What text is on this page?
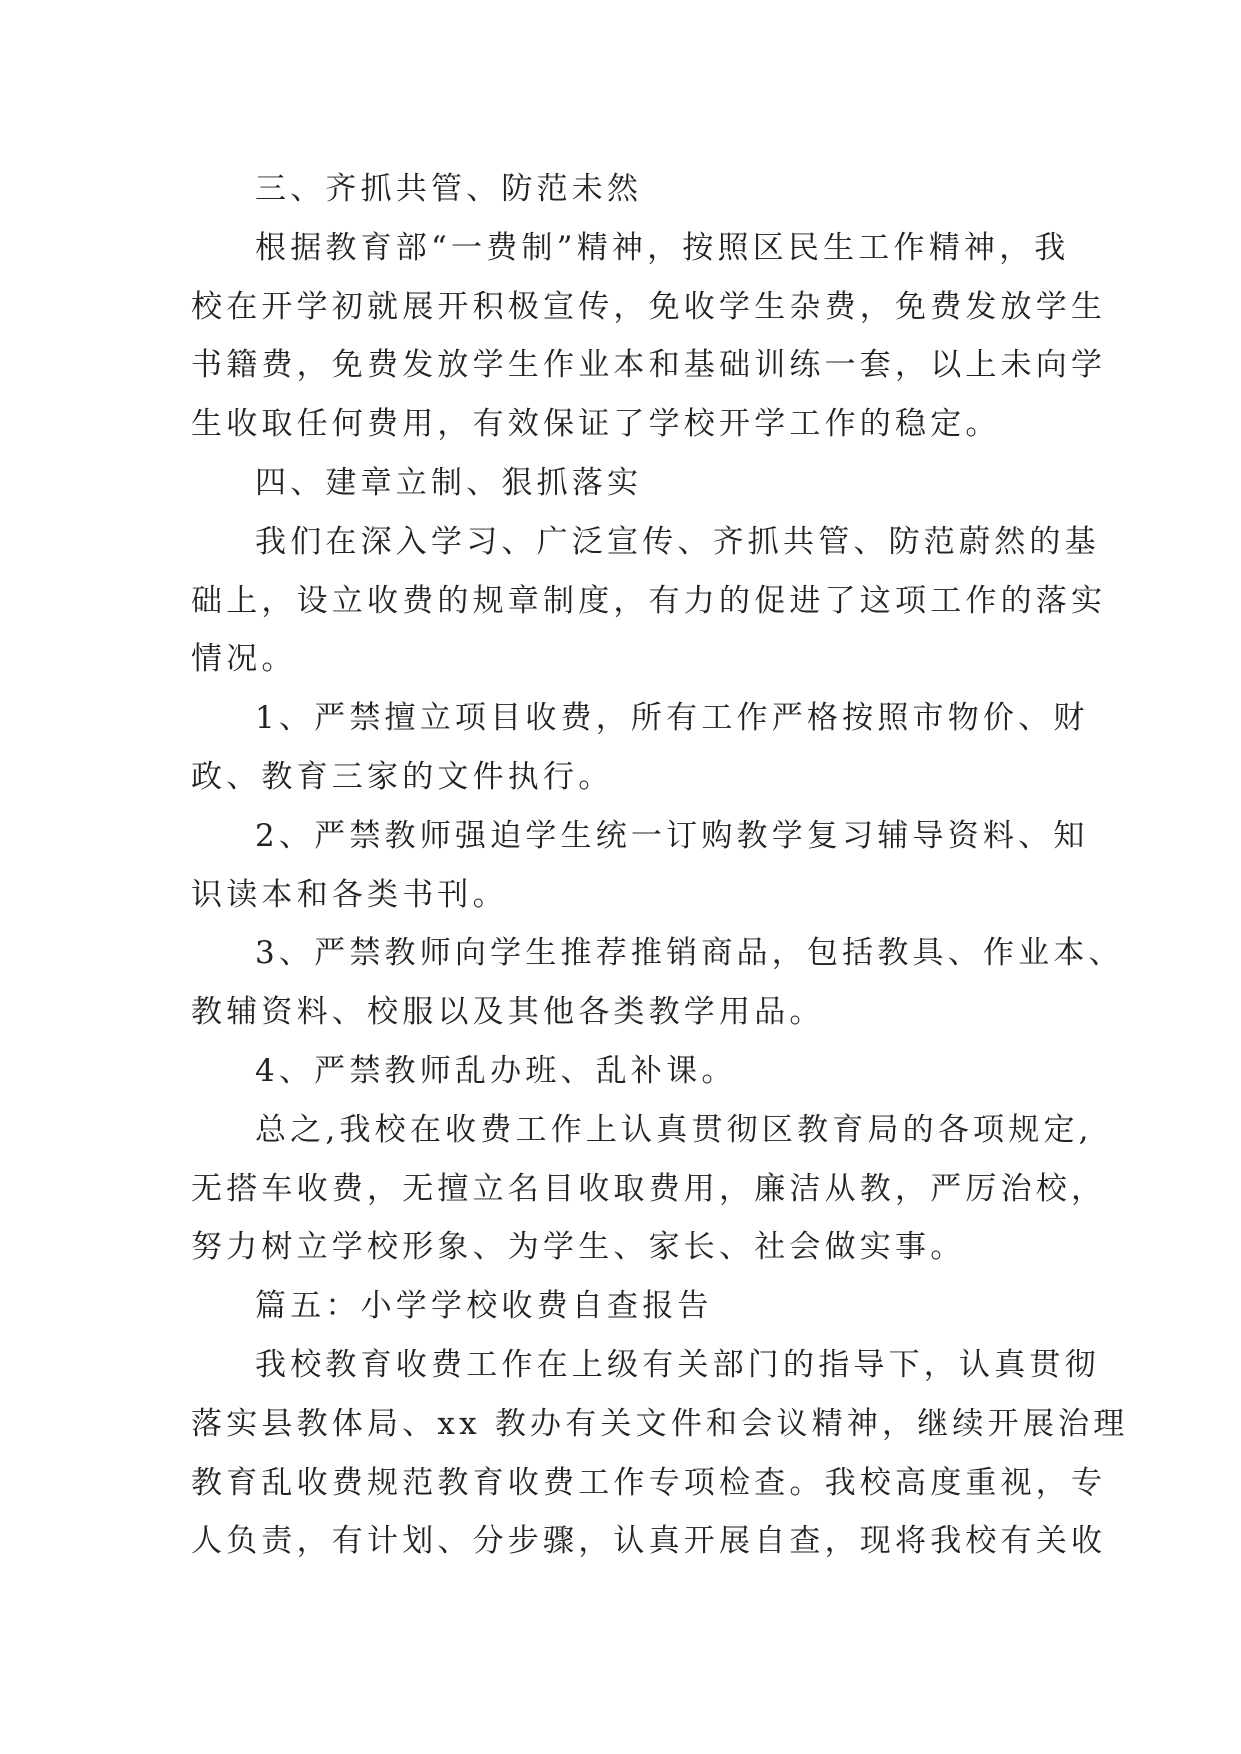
三、齐抓共管、防范未然
根据教育部“一费制”精神，按照区民生工作精神，我
校在开学初就展开积极宣传，免收学生杂费，免费发放学生
书籍费，免费发放学生作业本和基础训练一套，以上未向学
生收取任何费用，有效保证了学校开学工作的稳定。
四、建章立制、狠抓落实
我们在深入学习、广泛宣传、齐抓共管、防范蔚然的基
础上，设立收费的规章制度，有力的促进了这项工作的落实
情况。
1、严禁擅立项目收费，所有工作严格按照市物价、财
政、教育三家的文件执行。
2、严禁教师强迫学生统一订购教学复习辅导资料、知
识读本和各类书刊。
3、严禁教师向学生推荐推销商品，包括教具、作业本、
教辅资料、校服以及其他各类教学用品。
4、严禁教师乱办班、乱补课。
总之,我校在收费工作上认真贯彻区教育局的各项规定,
无搭车收费，无擅立名目收取费用，廉洁从教，严厉治校，
努力树立学校形象、为学生、家长、社会做实事。
篇五：小学学校收费自查报告
我校教育收费工作在上级有关部门的指导下，认真贯彻
落实县教体局、xx 教办有关文件和会议精神，继续开展治理
教育乱收费规范教育收费工作专项检查。我校高度重视，专
人负责，有计划、分步骤，认真开展自查，现将我校有关收
